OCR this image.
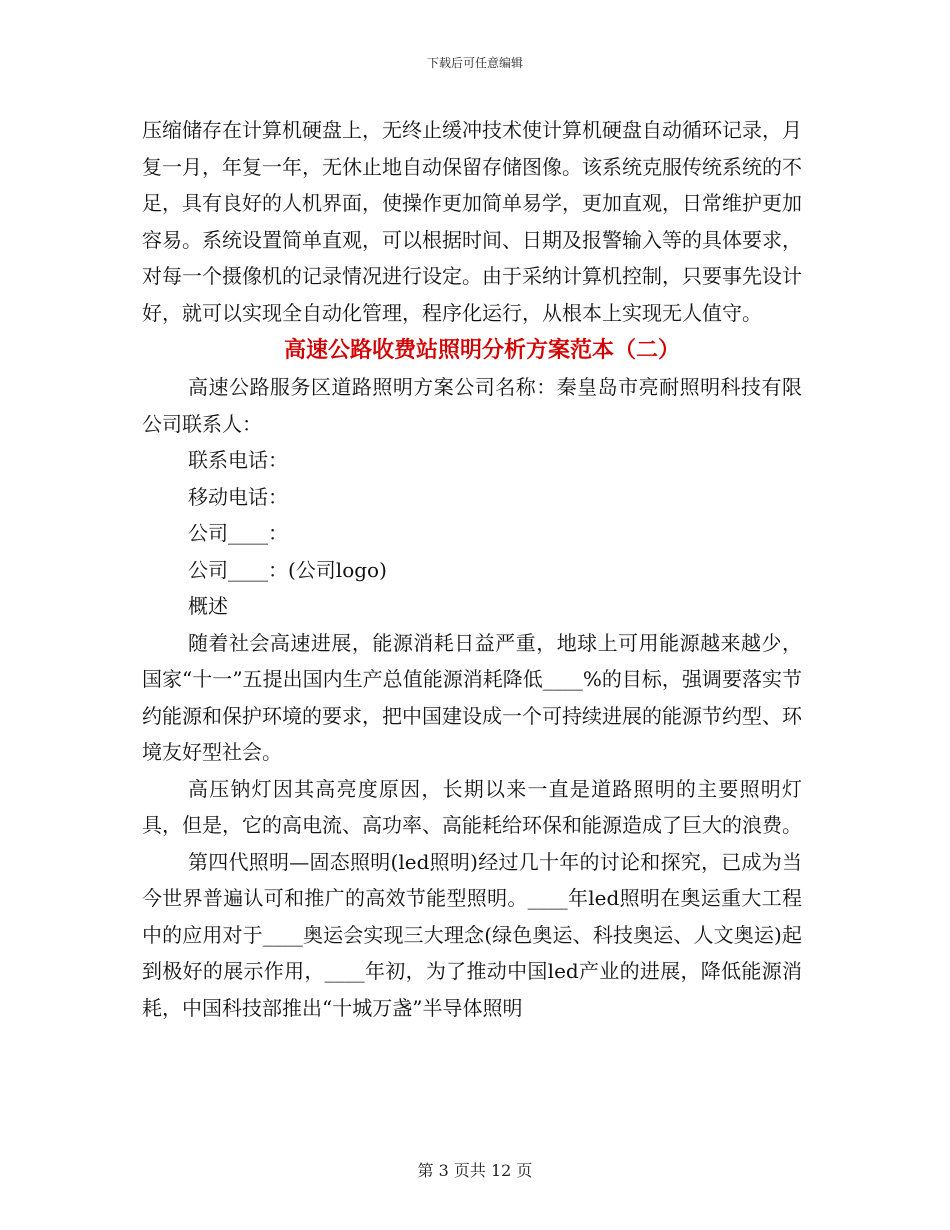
下载后可任意编辑

压缩储存在计算机硬盘上，无终止缓冲技术使计算机硬盘自动循环记录，月复一月，年复一年，无休止地自动保留存储图像。该系统克服传统系统的不足，具有良好的人机界面，使操作更加简单易学，更加直观，日常维护更加容易。系统设置简单直观，可以根据时间、日期及报警输入等的具体要求，对每一个摄像机的记录情况进行设定。由于采纳计算机控制，只要事先设计好，就可以实现全自动化管理，程序化运行，从根本上实现无人值守。

高速公路收费站照明分析方案范本（二）

高速公路服务区道路照明方案公司名称：秦皇岛市亮耐照明科技有限公司联系人：

联系电话：

移动电话：

公司____：

公司____：(公司logo)

概述

随着社会高速进展，能源消耗日益严重，地球上可用能源越来越少，国家“十一”五提出国内生产总值能源消耗降低____%的目标，强调要落实节约能源和保护环境的要求，把中国建设成一个可持续进展的能源节约型、环境友好型社会。

高压钠灯因其高亮度原因，长期以来一直是道路照明的主要照明灯具，但是，它的高电流、高功率、高能耗给环保和能源造成了巨大的浪费。

第四代照明—固态照明(led照明)经过几十年的讨论和探究，已成为当今世界普遍认可和推广的高效节能型照明。____年led照明在奥运重大工程中的应用对于____奥运会实现三大理念(绿色奥运、科技奥运、人文奥运)起到极好的展示作用，____年初，为了推动中国led产业的进展，降低能源消耗，中国科技部推出“十城万盏”半导体照明

第 3 页共 12 页
